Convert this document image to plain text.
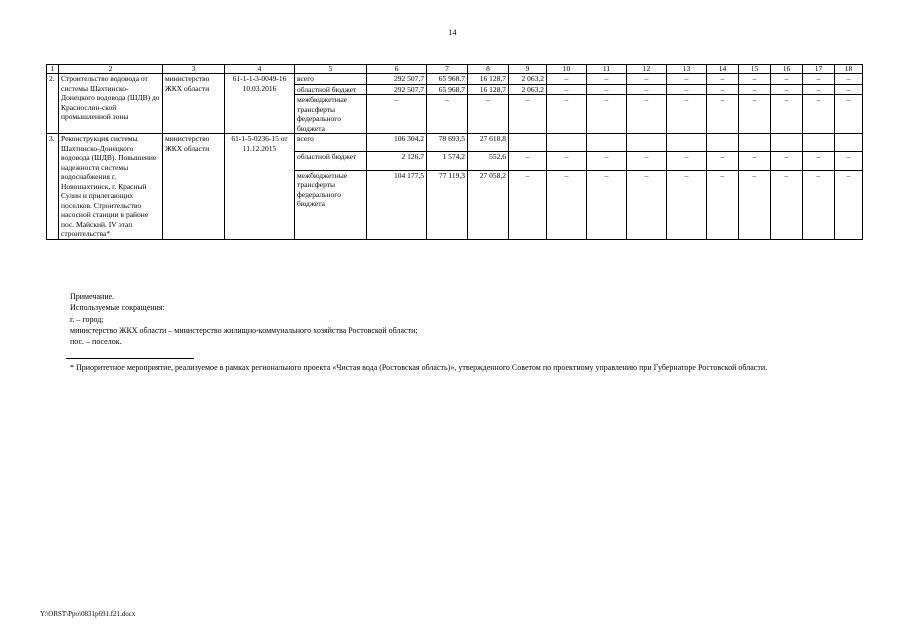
14
1	2	3	4	5	6	7	8	9	10	11	12	13	14	15	16	17	18
2.	Строительство водовода от системы Шахтинско-Донецкого водовода (ШДВ) до Краснослин-ской промышленной зоны	министерство ЖКХ области	61-1-1-3-0049-16 10.03.2016	всего	292 507,7	65 968,7	16 128,7	2 063,2	–	–	–	–	–	–	–	–	–
				областной бюджет	292 507,7	65 968,7	16 128,7	2 063,2	–	–	–	–	–	–	–	–	–
				межбюджетные трансферты федерального бюджета	–	–	–	–	–	–	–	–	–	–	–	–	–
3.	Реконструкция системы Шахтинско-Донецкого водовода (ШДВ). Повышение надежности системы водоснабжения г. Новошахтинск, г. Красный Сулин и прилегающих поселков. Строительство насосной станции в районе пос. Майский. IV этап строительства*	министерство ЖКХ области	61-1-5-0236-15 от 11.12.2015	всего	106 304,2	78 693,5	27 610,8										
				областной бюджет	2 126,7	1 574,2	552,6	–	–	–	–	–	–	–	–	–	–
				межбюджетные трансферты федерального бюджета	104 177,5	77 119,3	27 058,2	–	–	–	–	–	–	–	–	–	–
Примечание.
Используемые сокращения:
г. – город;
министерство ЖКХ области – министерство жилищно-коммунального хозяйства Ростовской области;
пос. – поселок.
* Приоритетное мероприятие, реализуемое в рамках регионального проекта «Чистая вода (Ростовская область)», утвержденного Советом по проектному управлению при Губернаторе Ростовской области.
Y:\ORST\Ppo\0831p691.f21.docx
